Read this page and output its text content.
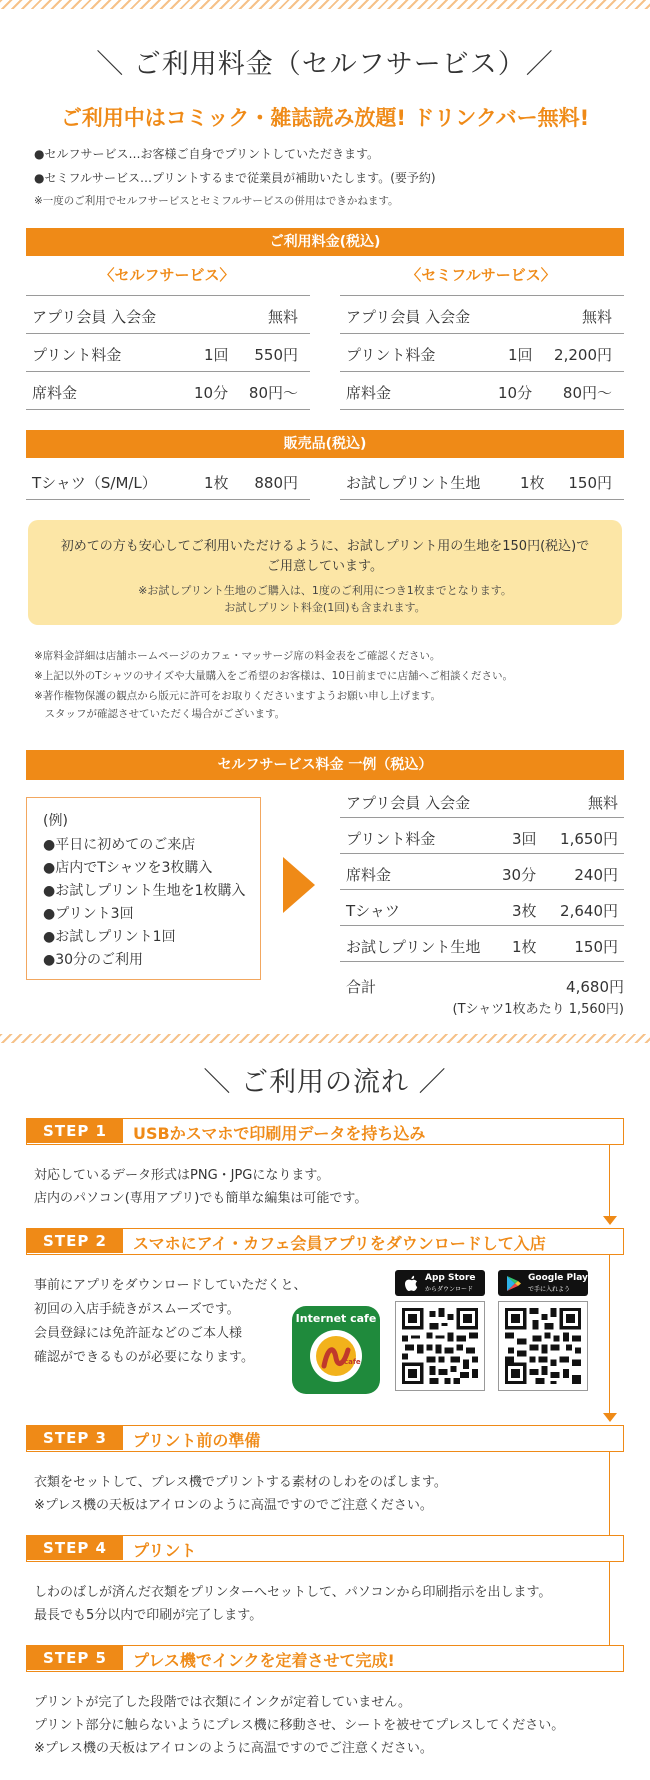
＼ ご利用料金（セルフサービス）／
ご利用中はコミック・雑誌読み放題! ドリンクバー無料!
●セルフサービス…お客様ご自身でプリントしていただきます。
●セミフルサービス…プリントするまで従業員が補助いたします。(要予約)
※一度のご利用でセルフサービスとセミフルサービスの併用はできかねます。
ご利用料金(税込)
〈セルフサービス〉	〈セミフルサービス〉
アプリ会員 入会金	無料
プリント料金	1回 550円
席料金	10分 80円〜
アプリ会員 入会金	無料
プリント料金	1回 2,200円
席料金	10分 80円〜
販売品(税込)
Tシャツ（S/M/L）	1枚 880円	お試しプリント生地	1枚 150円
初めての方も安心してご利用いただけるように、お試しプリント用の生地を150円(税込)で
ご用意しています。
※お試しプリント生地のご購入は、1度のご利用につき1枚までとなります。
お試しプリント料金(1回)も含まれます。
※席料金詳細は店舗ホームページのカフェ・マッサージ席の料金表をご確認ください。
※上記以外のTシャツのサイズや大量購入をご希望のお客様は、10日前までに店舗へご相談ください。
※著作権物保護の観点から版元に許可をお取りくださいますようお願い申し上げます。
　スタッフが確認させていただく場合がございます。
セルフサービス料金 一例（税込）
(例)
●平日に初めてのご来店
●店内でTシャツを3枚購入
●お試しプリント生地を1枚購入
●プリント3回
●お試しプリント1回
●30分のご利用
アプリ会員 入会金	無料
プリント料金	3回 1,650円
席料金	30分	240円
Tシャツ	3枚 2,640円
お試しプリント生地 1枚	150円
合計	4,680円
(Tシャツ1枚あたり 1,560円)
＼ ご利用の流れ ／
STEP 1	USBかスマホで印刷用データを持ち込み
対応しているデータ形式はPNG・JPGになります。
店内のパソコン(専用アプリ)でも簡単な編集は可能です。
STEP 2	スマホにアイ・カフェ会員アプリをダウンロードして入店
事前にアプリをダウンロードしていただくと、
初回の入店手続きがスムーズです。
会員登録には免許証などのご本人様
確認ができるものが必要になります。
Internet cafe
cafe
App Store
からダウンロード
Google Play
で手に入れよう
STEP 3	プリント前の準備
衣類をセットして、プレス機でプリントする素材のしわをのばします。
※プレス機の天板はアイロンのように高温ですのでご注意ください。
STEP 4	プリント
しわのばしが済んだ衣類をプリンターへセットして、パソコンから印刷指示を出します。
最長でも5分以内で印刷が完了します。
STEP 5	プレス機でインクを定着させて完成!
プリントが完了した段階では衣類にインクが定着していません。
プリント部分に触らないようにプレス機に移動させ、シートを被せてプレスしてください。
※プレス機の天板はアイロンのように高温ですのでご注意ください。
